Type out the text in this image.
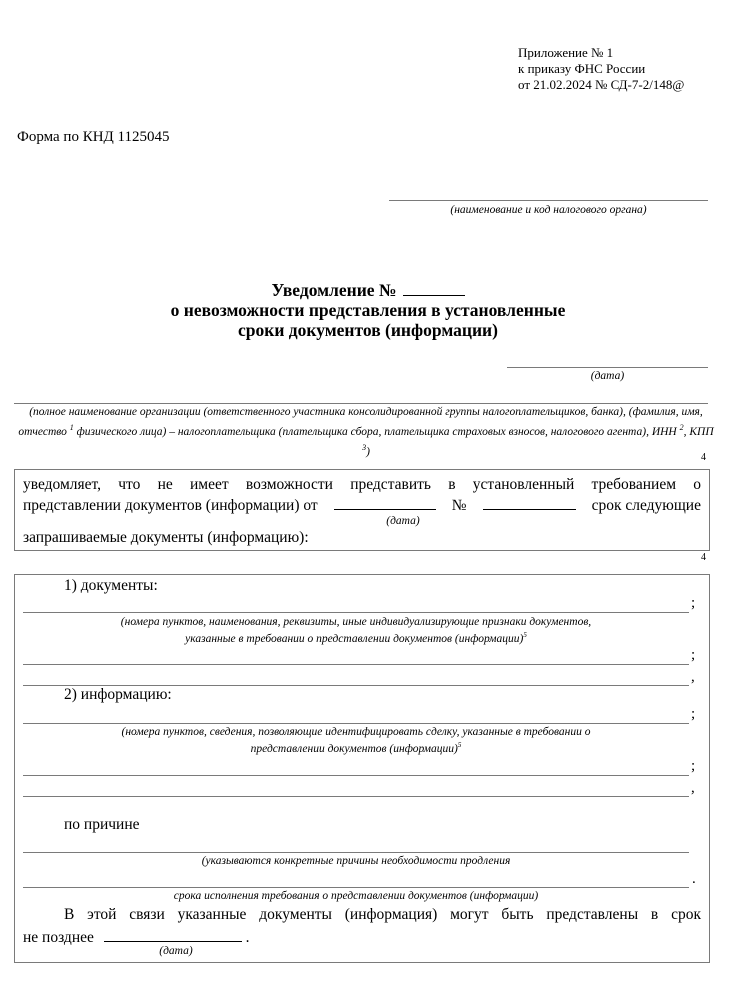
Приложение № 1
к приказу ФНС России
от 21.02.2024 № СД-7-2/148@
Форма по КНД 1125045
(наименование и код налогового органа)
Уведомление №
о невозможности представления в установленные
сроки документов (информации)
(дата)
(полное наименование организации (ответственного участника консолидированной группы налогоплательщиков, банка), (фамилия, имя, отчество $^1$ физического лица) – налогоплательщика (плательщика сбора, плательщика страховых взносов, налогового агента), ИНН $^2$, КПП $^3$)	4
уведомляет, что не имеет возможности представить в установленный требованием о
представлении документов (информации) от	№	срок следующие
(дата)
запрашиваемые документы (информацию):
4
1) документы:
;
(номера пунктов, наименования, реквизиты, иные индивидуализирующие признаки документов,
указанные в требовании о представлении документов (информации)$^5$
;
,
2) информацию:
;
(номера пунктов, сведения, позволяющие идентифицировать сделку, указанные в требовании о
представлении документов (информации)$^5$
;
,
по причине
(указываются конкретные причины необходимости продления
.
срока исполнения требования о представлении документов (информации)
В этой связи указанные документы (информация) могут быть представлены в срок
не позднее	.
(дата)
